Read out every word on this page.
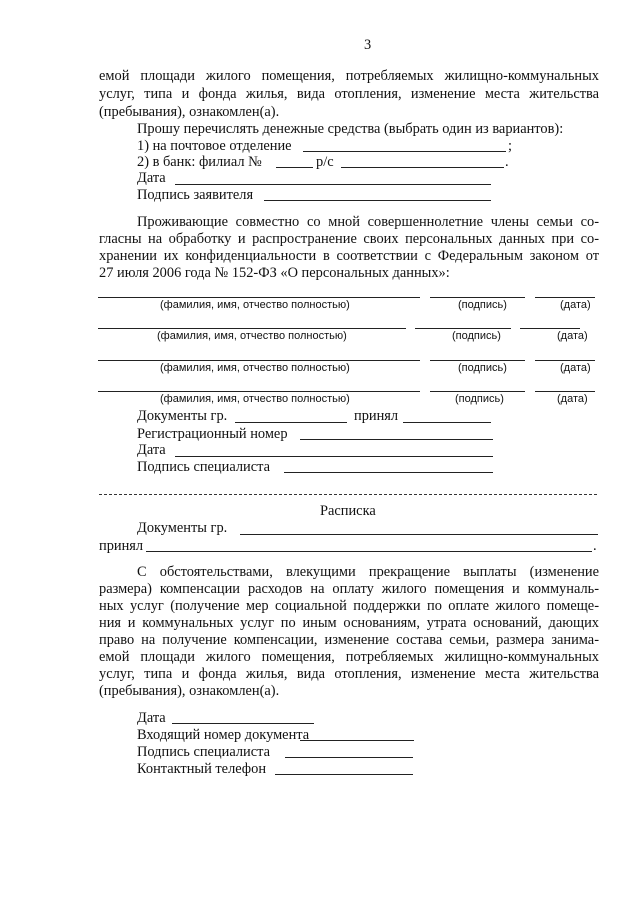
3
емой площади жилого помещения, потребляемых жилищно-коммунальных
услуг, типа и фонда жилья, вида отопления, изменение места жительства
(пребывания), ознакомлен(а).
Прошу перечислять денежные средства (выбрать один из вариантов):
1) на почтовое отделение	;
2) в банк: филиал №	р/с	.
Дата
Подпись заявителя
Проживающие совместно со мной совершеннолетние члены семьи со-
гласны на обработку и распространение своих персональных данных при со-
хранении их конфиденциальности в соответствии с Федеральным законом от
27 июля 2006 года № 152-ФЗ «О персональных данных»:
(фамилия, имя, отчество полностью)	(подпись)	(дата)
(фамилия, имя, отчество полностью)	(подпись)	(дата)
(фамилия, имя, отчество полностью)	(подпись)	(дата)
(фамилия, имя, отчество полностью)	(подпись)	(дата)
Документы гр.	принял
Регистрационный номер
Дата
Подпись специалиста
Расписка
Документы гр.
принял	.
С обстоятельствами, влекущими прекращение выплаты (изменение
размера) компенсации расходов на оплату жилого помещения и коммуналь-
ных услуг (получение мер социальной поддержки по оплате жилого помеще-
ния и коммунальных услуг по иным основаниям, утрата оснований, дающих
право на получение компенсации, изменение состава семьи, размера занима-
емой площади жилого помещения, потребляемых жилищно-коммунальных
услуг, типа и фонда жилья, вида отопления, изменение места жительства
(пребывания), ознакомлен(а).
Дата
Входящий номер документа
Подпись специалиста
Контактный телефон
